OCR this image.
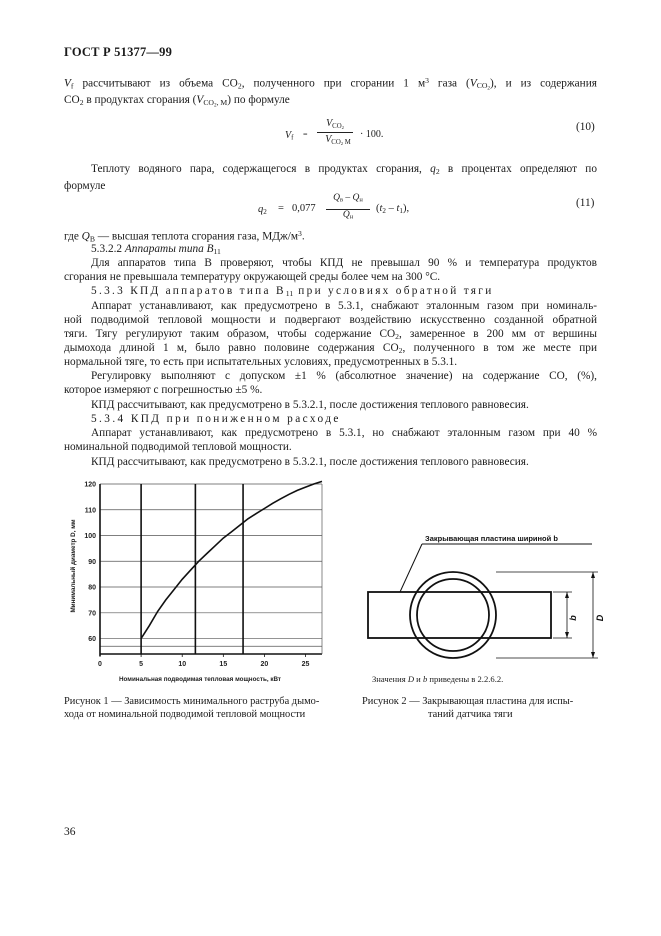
ГОСТ Р 51377—99
$V_f$ рассчитывают из объема $СО_2$, полученного при сгорании 1 $м^3$ газа $(V_{CO_2})$, и из содержания
$СО_2$ в продуктах сгорания $(V_{CO_2, М})$ по формуле
$V_f$ =
$V_{CO_2}$
$V_{CO_2 М}$
· 100.
(10)
Теплоту водяного пара, содержащегося в продуктах сгорания, $q_2$ в процентах определяют по
формуле
$q_2 = 0,077$
$Q_в - Q_н$
$Q_н$
$(t_2 - t_1)$,	(11)
где $Q_В$ — высшая теплота сгорания газа, МДж/$м^3$.
5.3.2.2 Аппараты типа $В_{11}$
Для аппаратов типа В проверяют, чтобы КПД не превышал 90 % и температура продуктов
сгорания не превышала температуру окружающей среды более чем на 300 °С.
5.3.3 КПД аппаратов типа $В_{11}$ при условиях обратной тяги
Аппарат устанавливают, как предусмотрено в 5.3.1, снабжают эталонным газом при номиналь-
ной подводимой тепловой мощности и подвергают воздействию искусственно созданной обратной
тяги. Тягу регулируют таким образом, чтобы содержание $СО_2$, замеренное в 200 мм от вершины
дымохода длиной 1 м, было равно половине содержания $СО_2$, полученного в том же месте при
нормальной тяге, то есть при испытательных условиях, предусмотренных в 5.3.1.
Регулировку выполняют с допуском ±1 % (абсолютное значение) на содержание СО, (%),
которое измеряют с погрешностью ±5 %.
КПД рассчитывают, как предусмотрено в 5.3.2.1, после достижения теплового равновесия.
5.3.4 КПД при пониженном расходе
Аппарат устанавливают, как предусмотрено в 5.3.1, но снабжают эталонным газом при 40 %
номинальной подводимой тепловой мощности.
КПД рассчитывают, как предусмотрено в 5.3.2.1, после достижения теплового равновесия.
60
70
80
90
100
110
120
0	5	10	15	20	25
Номинальная подводимая тепловая мощность, кВт
Минимальный диаметр D, мм
Рисунок 1 — Зависимость минимального раструба дымо-
хода от номинальной подводимой тепловой мощности
b D
Закрывающая пластина шириной b
Значения D и b приведены в 2.2.6.2.
Рисунок 2 — Закрывающая пластина для испы-
таний датчика тяги
36
